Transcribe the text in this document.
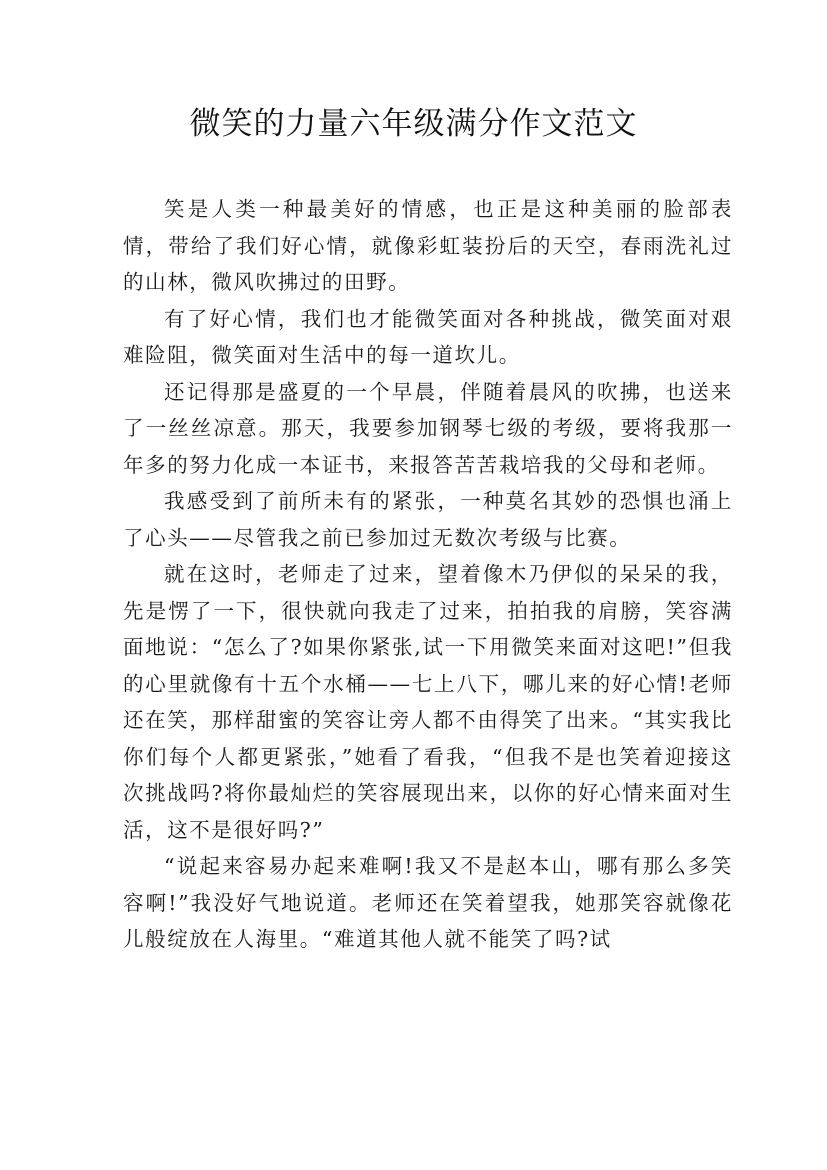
微笑的力量六年级满分作文范文

笑是人类一种最美好的情感，也正是这种美丽的脸部表情，带给了我们好心情，就像彩虹装扮后的天空，春雨洗礼过的山林，微风吹拂过的田野。

有了好心情，我们也才能微笑面对各种挑战，微笑面对艰难险阻，微笑面对生活中的每一道坎儿。

还记得那是盛夏的一个早晨，伴随着晨风的吹拂，也送来了一丝丝凉意。那天，我要参加钢琴七级的考级，要将我那一年多的努力化成一本证书，来报答苦苦栽培我的父母和老师。

我感受到了前所未有的紧张，一种莫名其妙的恐惧也涌上了心头——尽管我之前已参加过无数次考级与比赛。

就在这时，老师走了过来，望着像木乃伊似的呆呆的我，先是愣了一下，很快就向我走了过来，拍拍我的肩膀，笑容满面地说：“怎么了?如果你紧张,试一下用微笑来面对这吧!”但我的心里就像有十五个水桶——七上八下，哪儿来的好心情!老师还在笑，那样甜蜜的笑容让旁人都不由得笑了出来。“其实我比你们每个人都更紧张，”她看了看我，“但我不是也笑着迎接这次挑战吗?将你最灿烂的笑容展现出来，以你的好心情来面对生活，这不是很好吗?”

“说起来容易办起来难啊!我又不是赵本山，哪有那么多笑容啊!”我没好气地说道。老师还在笑着望我，她那笑容就像花儿般绽放在人海里。“难道其他人就不能笑了吗?试
